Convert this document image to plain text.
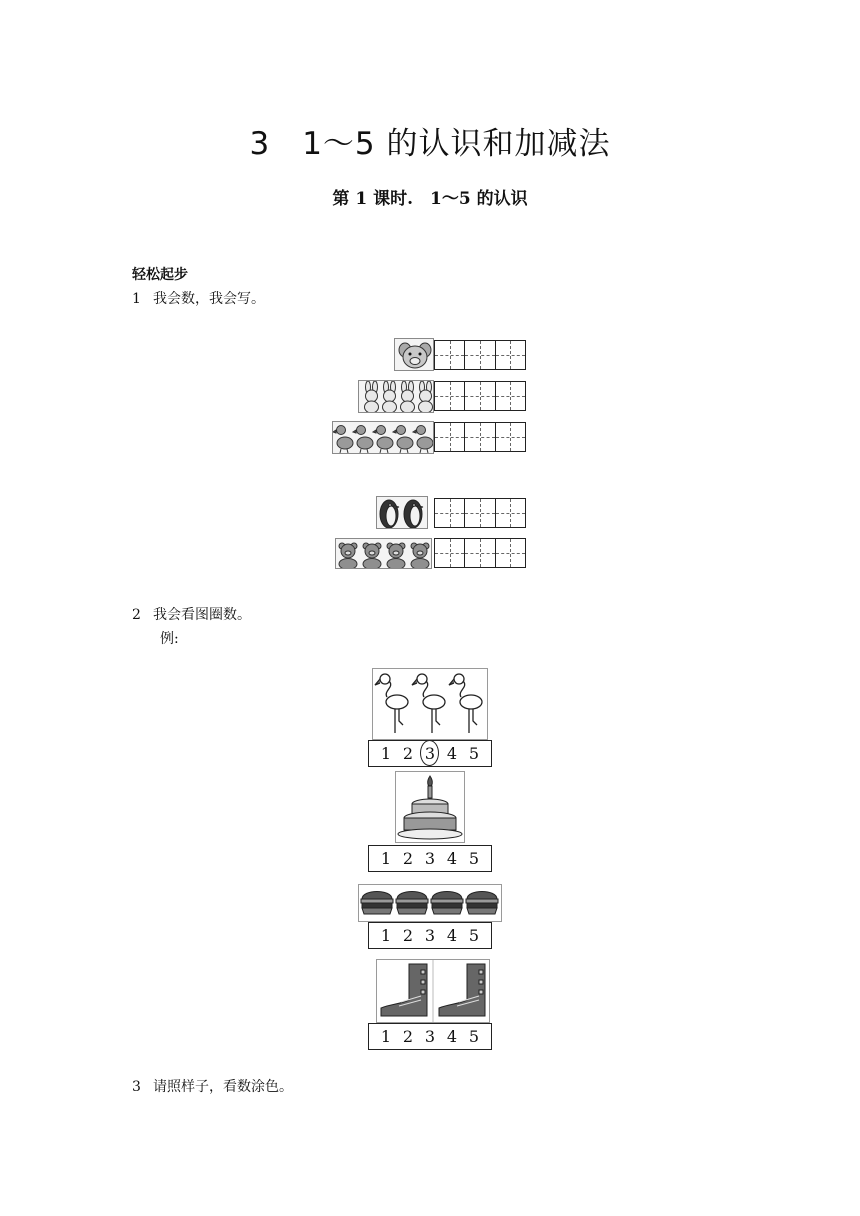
3　1～5 的认识和加减法
第 1 课时.　1～5 的认识
轻松起步
1 我会数，我会写。
2 我会看图圈数。
例:
1 2 3 4 5
1 2 3 4 5
1 2 3 4 5
1 2 3 4 5
3 请照样子，看数涂色。
